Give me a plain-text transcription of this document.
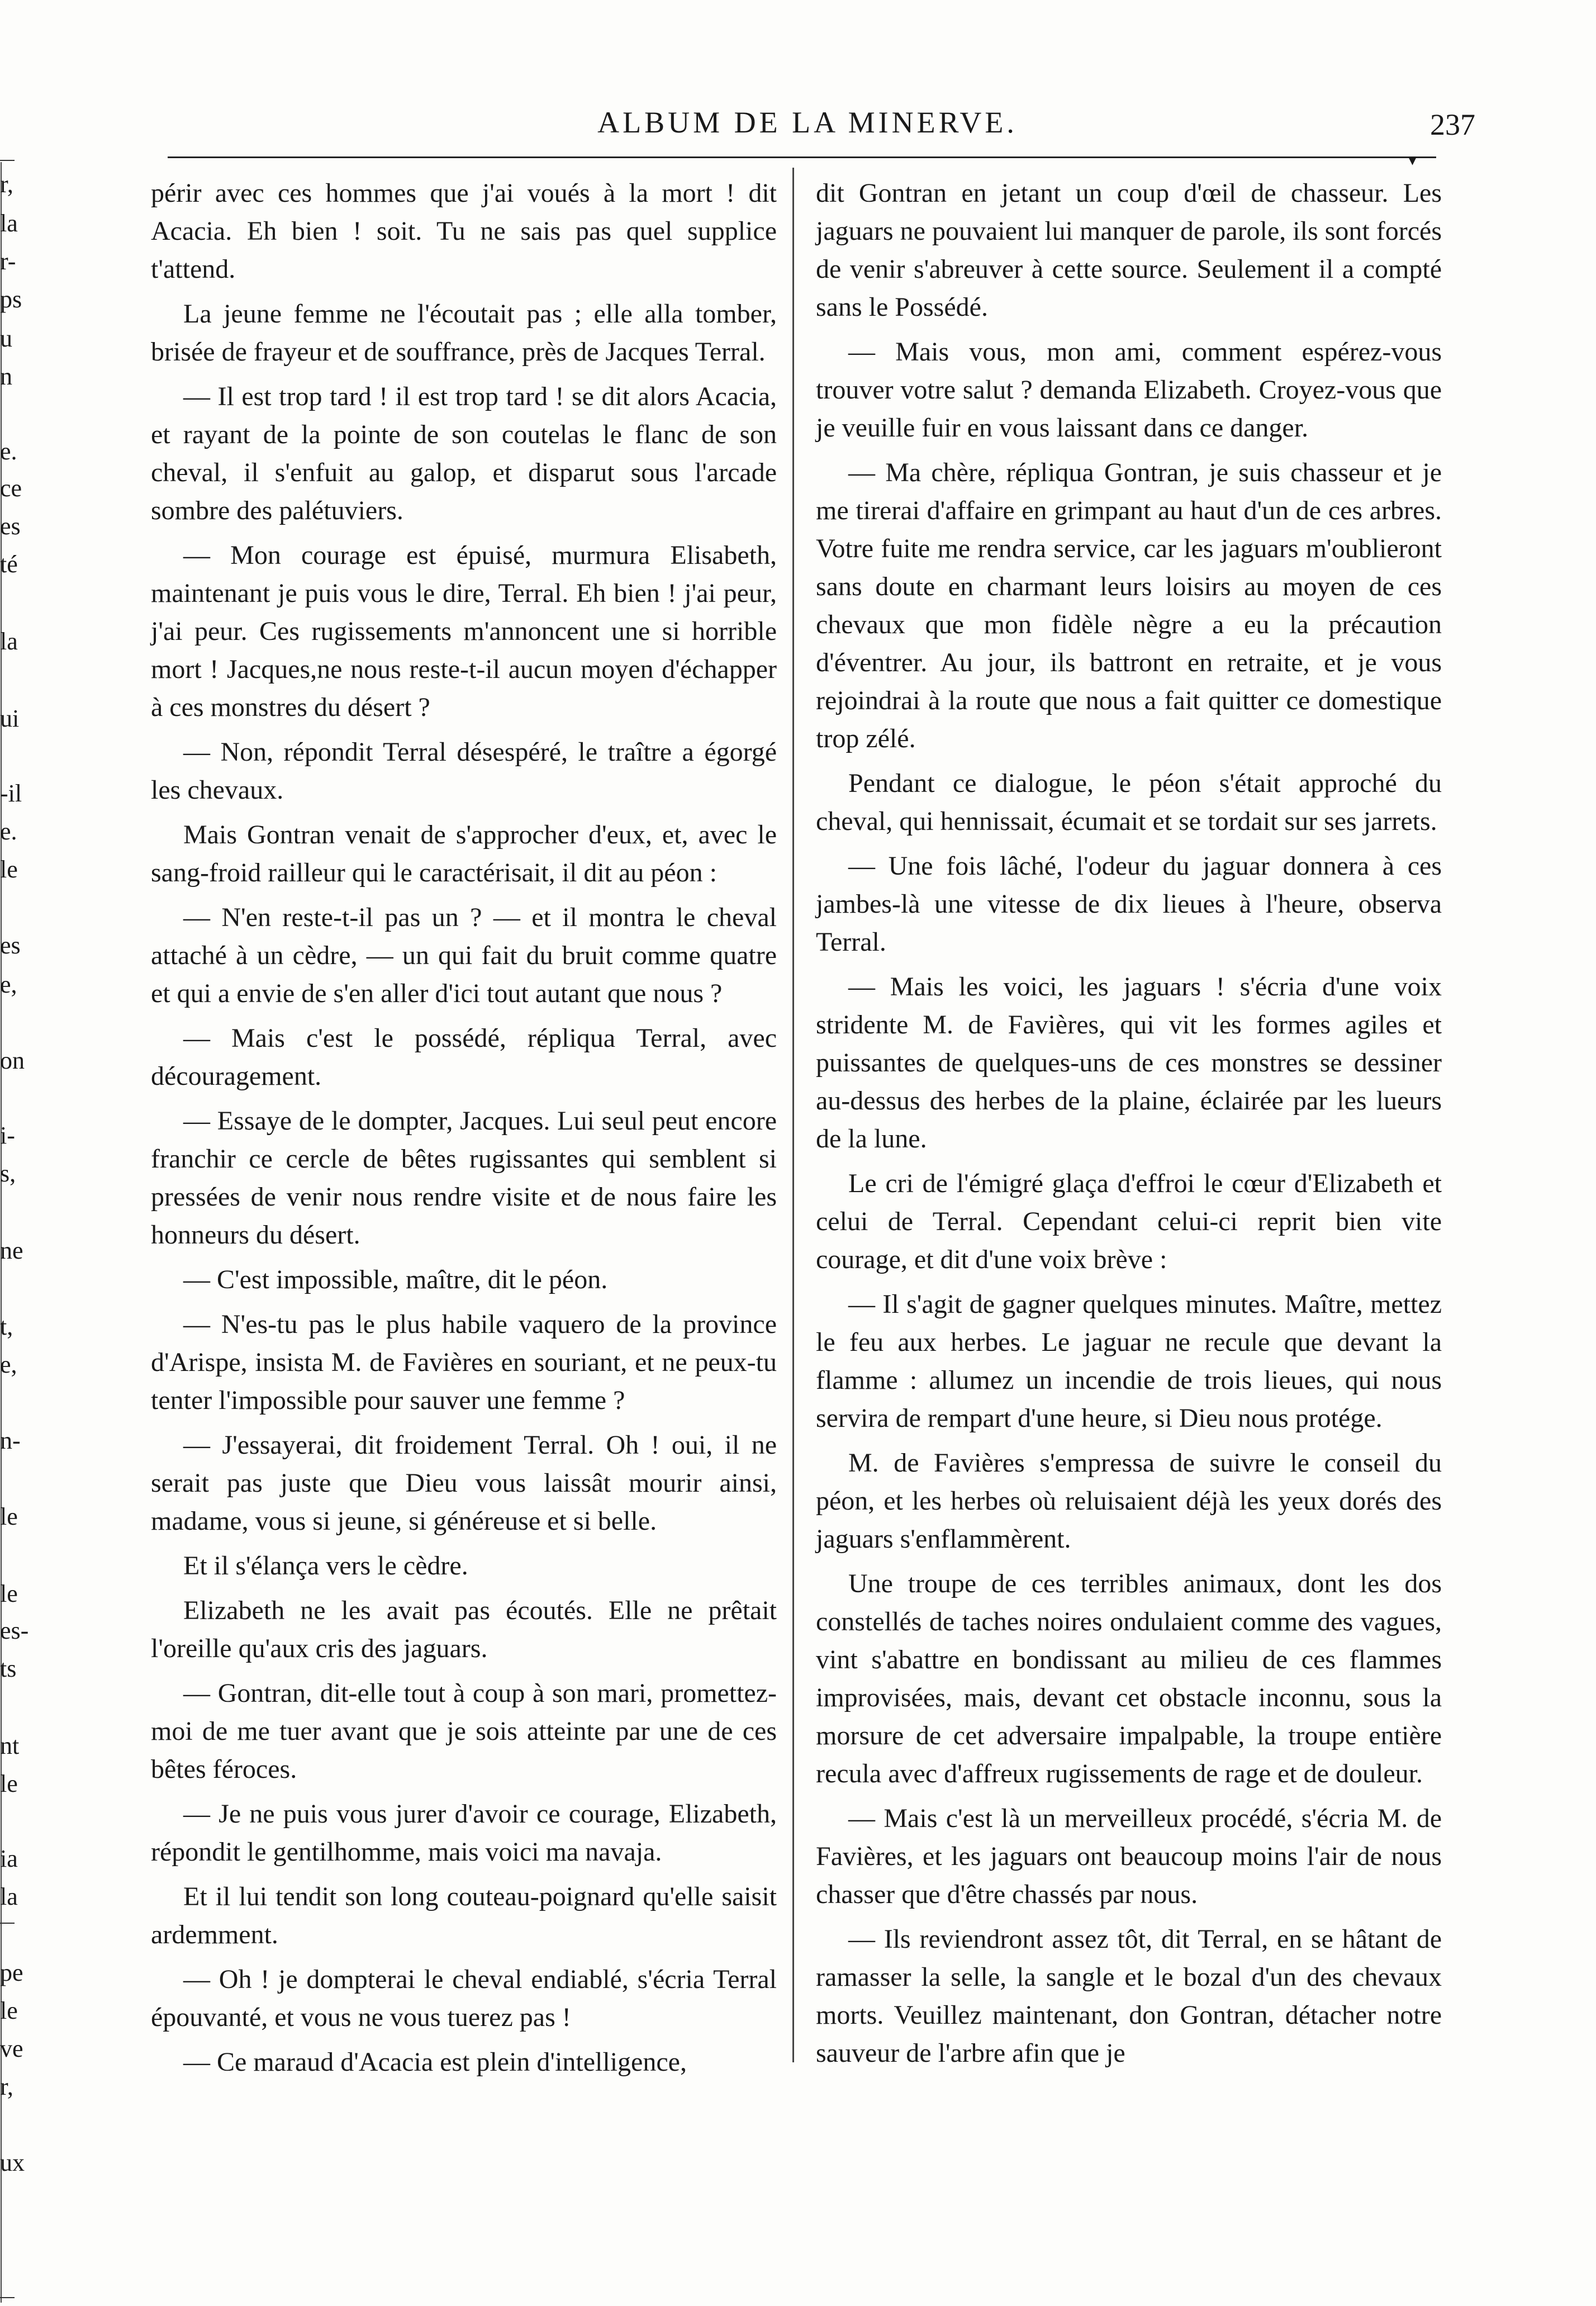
ALBUM DE LA MINERVE.	237
▾
r,
la
r-
ps
u
n
e.
ce
es
té
la
ui
-il
e.
le
es
e,
on
i-
s,
ne
t,
e,
n-
le
le
es-
ts
nt
le
ia
la
pe
le
ve
r,
ux

périr avec ces hommes que j'ai voués à la mort ! dit Acacia. Eh bien ! soit. Tu ne sais pas quel supplice t'attend.

La jeune femme ne l'écoutait pas ; elle alla tomber, brisée de frayeur et de souffrance, près de Jacques Terral.

— Il est trop tard ! il est trop tard ! se dit alors Acacia, et rayant de la pointe de son coutelas le flanc de son cheval, il s'enfuit au galop, et disparut sous l'arcade sombre des palétuviers.

— Mon courage est épuisé, murmura Elisabeth, maintenant je puis vous le dire, Terral. Eh bien ! j'ai peur, j'ai peur. Ces rugissements m'annoncent une si horrible mort ! Jacques,ne nous reste-t-il aucun moyen d'échapper à ces monstres du désert ?

— Non, répondit Terral désespéré, le traître a égorgé les chevaux.

Mais Gontran venait de s'approcher d'eux, et, avec le sang-froid railleur qui le caractérisait, il dit au péon :

— N'en reste-t-il pas un ? — et il montra le cheval attaché à un cèdre, — un qui fait du bruit comme quatre et qui a envie de s'en aller d'ici tout autant que nous ?

— Mais c'est le possédé, répliqua Terral, avec découragement.

— Essaye de le dompter, Jacques. Lui seul peut encore franchir ce cercle de bêtes rugissantes qui semblent si pressées de venir nous rendre visite et de nous faire les honneurs du désert.

— C'est impossible, maître, dit le péon.

— N'es-tu pas le plus habile vaquero de la province d'Arispe, insista M. de Favières en souriant, et ne peux-tu tenter l'impossible pour sauver une femme ?

— J'essayerai, dit froidement Terral. Oh ! oui, il ne serait pas juste que Dieu vous laissât mourir ainsi, madame, vous si jeune, si généreuse et si belle.

Et il s'élança vers le cèdre.

Elizabeth ne les avait pas écoutés. Elle ne prêtait l'oreille qu'aux cris des jaguars.

— Gontran, dit-elle tout à coup à son mari, promettez-moi de me tuer avant que je sois atteinte par une de ces bêtes féroces.

— Je ne puis vous jurer d'avoir ce courage, Elizabeth, répondit le gentilhomme, mais voici ma navaja.

Et il lui tendit son long couteau-poignard qu'elle saisit ardemment.

— Oh ! je dompterai le cheval endiablé, s'écria Terral épouvanté, et vous ne vous tuerez pas !

— Ce maraud d'Acacia est plein d'intelligence,

dit Gontran en jetant un coup d'œil de chasseur. Les jaguars ne pouvaient lui manquer de parole, ils sont forcés de venir s'abreuver à cette source. Seulement il a compté sans le Possédé.

— Mais vous, mon ami, comment espérez-vous trouver votre salut ? demanda Elizabeth. Croyez-vous que je veuille fuir en vous laissant dans ce danger.

— Ma chère, répliqua Gontran, je suis chasseur et je me tirerai d'affaire en grimpant au haut d'un de ces arbres. Votre fuite me rendra service, car les jaguars m'oublieront sans doute en charmant leurs loisirs au moyen de ces chevaux que mon fidèle nègre a eu la précaution d'éventrer. Au jour, ils battront en retraite, et je vous rejoindrai à la route que nous a fait quitter ce domestique trop zélé.

Pendant ce dialogue, le péon s'était approché du cheval, qui hennissait, écumait et se tordait sur ses jarrets.

— Une fois lâché, l'odeur du jaguar donnera à ces jambes-là une vitesse de dix lieues à l'heure, observa Terral.

— Mais les voici, les jaguars ! s'écria d'une voix stridente M. de Favières, qui vit les formes agiles et puissantes de quelques-uns de ces monstres se dessiner au-dessus des herbes de la plaine, éclairée par les lueurs de la lune.

Le cri de l'émigré glaça d'effroi le cœur d'Elizabeth et celui de Terral. Cependant celui-ci reprit bien vite courage, et dit d'une voix brève :

— Il s'agit de gagner quelques minutes. Maître, mettez le feu aux herbes. Le jaguar ne recule que devant la flamme : allumez un incendie de trois lieues, qui nous servira de rempart d'une heure, si Dieu nous protége.

M. de Favières s'empressa de suivre le conseil du péon, et les herbes où reluisaient déjà les yeux dorés des jaguars s'enflammèrent.

Une troupe de ces terribles animaux, dont les dos constellés de taches noires ondulaient comme des vagues, vint s'abattre en bondissant au milieu de ces flammes improvisées, mais, devant cet obstacle inconnu, sous la morsure de cet adversaire impalpable, la troupe entière recula avec d'affreux rugissements de rage et de douleur.

— Mais c'est là un merveilleux procédé, s'écria M. de Favières, et les jaguars ont beaucoup moins l'air de nous chasser que d'être chassés par nous.

— Ils reviendront assez tôt, dit Terral, en se hâtant de ramasser la selle, la sangle et le bozal d'un des chevaux morts. Veuillez maintenant, don Gontran, détacher notre sauveur de l'arbre afin que je
